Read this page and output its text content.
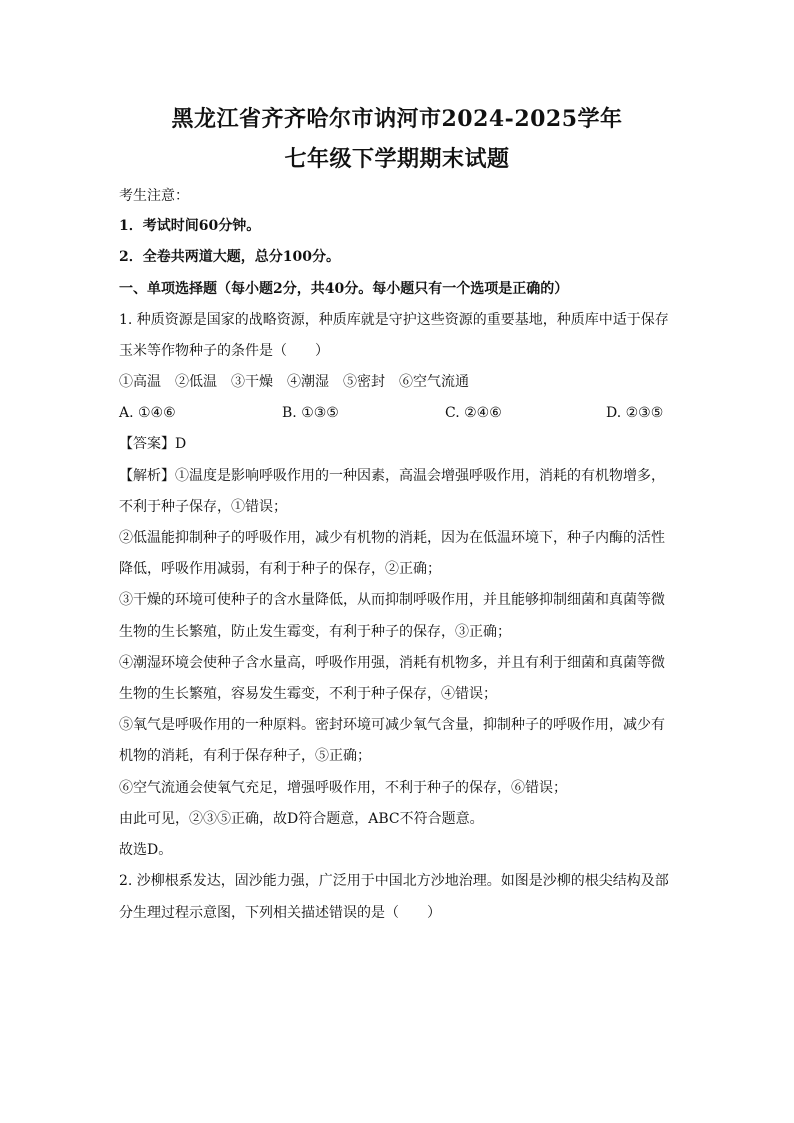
黑龙江省齐齐哈尔市讷河市2024-2025学年
七年级下学期期末试题
考生注意：
1．考试时间60分钟。
2．全卷共两道大题，总分100分。
一、单项选择题（每小题2分，共40分。每小题只有一个选项是正确的）
1. 种质资源是国家的战略资源，种质库就是守护这些资源的重要基地，种质库中适于保存
玉米等作物种子的条件是（　　）
①高温　②低温　③干燥　④潮湿　⑤密封　⑥空气流通
A. ①④⑥	B. ①③⑤	C. ②④⑥	D. ②③⑤
【答案】D
【解析】①温度是影响呼吸作用的一种因素，高温会增强呼吸作用，消耗的有机物增多，
不利于种子保存，①错误；
②低温能抑制种子的呼吸作用，减少有机物的消耗，因为在低温环境下，种子内酶的活性
降低，呼吸作用减弱，有利于种子的保存，②正确；
③干燥的环境可使种子的含水量降低，从而抑制呼吸作用，并且能够抑制细菌和真菌等微
生物的生长繁殖，防止发生霉变，有利于种子的保存，③正确；
④潮湿环境会使种子含水量高，呼吸作用强，消耗有机物多，并且有利于细菌和真菌等微
生物的生长繁殖，容易发生霉变，不利于种子保存，④错误；
⑤氧气是呼吸作用的一种原料。密封环境可减少氧气含量，抑制种子的呼吸作用，减少有
机物的消耗，有利于保存种子，⑤正确；
⑥空气流通会使氧气充足，增强呼吸作用，不利于种子的保存，⑥错误；
由此可见，②③⑤正确，故D符合题意，ABC不符合题意。
故选D。
2. 沙柳根系发达，固沙能力强，广泛用于中国北方沙地治理。如图是沙柳的根尖结构及部
分生理过程示意图，下列相关描述错误的是（　　）
